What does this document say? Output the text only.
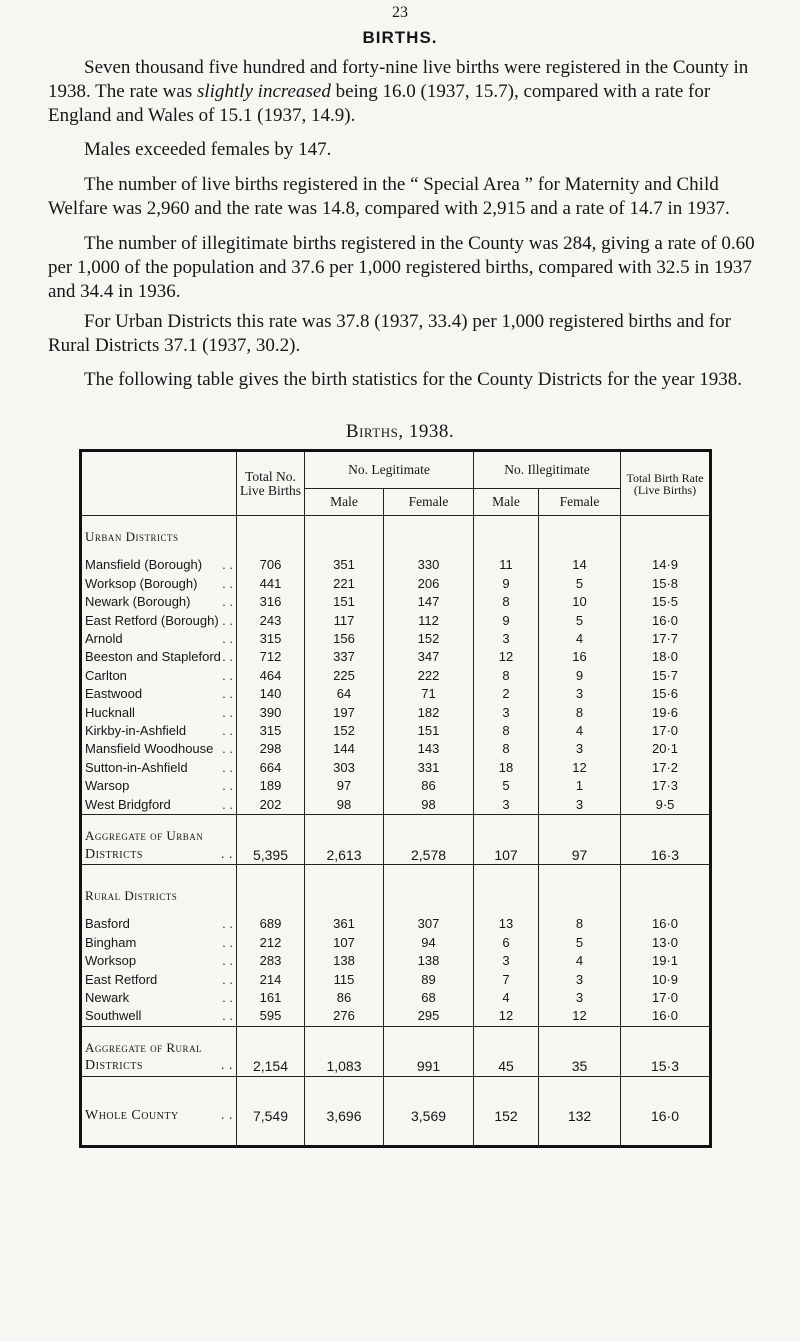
23
BIRTHS.

Seven thousand five hundred and forty-nine live births were registered in the County in 1938. The rate was slightly increased being 16.0 (1937, 15.7), compared with a rate for England and Wales of 15.1 (1937, 14.9).

Males exceeded females by 147.

The number of live births registered in the “ Special Area ” for Maternity and Child Welfare was 2,960 and the rate was 14.8, compared with 2,915 and a rate of 14.7 in 1937.

The number of illegitimate births registered in the County was 284, giving a rate of 0.60 per 1,000 of the population and 37.6 per 1,000 registered births, compared with 32.5 in 1937 and 34.4 in 1936.

For Urban Districts this rate was 37.8 (1937, 33.4) per 1,000 registered births and for Rural Districts 37.1 (1937, 30.2).

The following table gives the birth statistics for the County Districts for the year 1938.

Births, 1938.
	Total No. Live Births	No. Legitimate		No. Illegitimate		Total Birth Rate (Live Births)
		Male	Female	Male	Female	

Urban Districts						

Mansfield (Borough) . .	706	351	330	11	14	14·9
Worksop (Borough) . .	441	221	206	9	5	15·8
Newark (Borough) . .	316	151	147	8	10	15·5
East Retford (Borough) . .	243	117	112	9	5	16·0
Arnold . .	315	156	152	3	4	17·7
Beeston and Stapleford . .	712	337	347	12	16	18·0
Carlton . .	464	225	222	8	9	15·7
Eastwood . .	140	64	71	2	3	15·6
Hucknall . .	390	197	182	3	8	19·6
Kirkby-in-Ashfield . .	315	152	151	8	4	17·0
Mansfield Woodhouse . .	298	144	143	8	3	20·1
Sutton-in-Ashfield . .	664	303	331	18	12	17·2
Warsop . .	189	97	86	5	1	17·3
West Bridgford . .	202	98	98	3	3	9·5

Aggregate of Urban						
Districts . .	5,395	2,613	2,578	107	97	16·3

Rural Districts						

Basford . .	689	361	307	13	8	16·0
Bingham . .	212	107	94	6	5	13·0
Worksop . .	283	138	138	3	4	19·1
East Retford . .	214	115	89	7	3	10·9
Newark . .	161	86	68	4	3	17·0
Southwell . .	595	276	295	12	12	16·0

Aggregate of Rural						
Districts . .	2,154	1,083	991	45	35	15·3

Whole County . .	7,549	3,696	3,569	152	132	16·0
